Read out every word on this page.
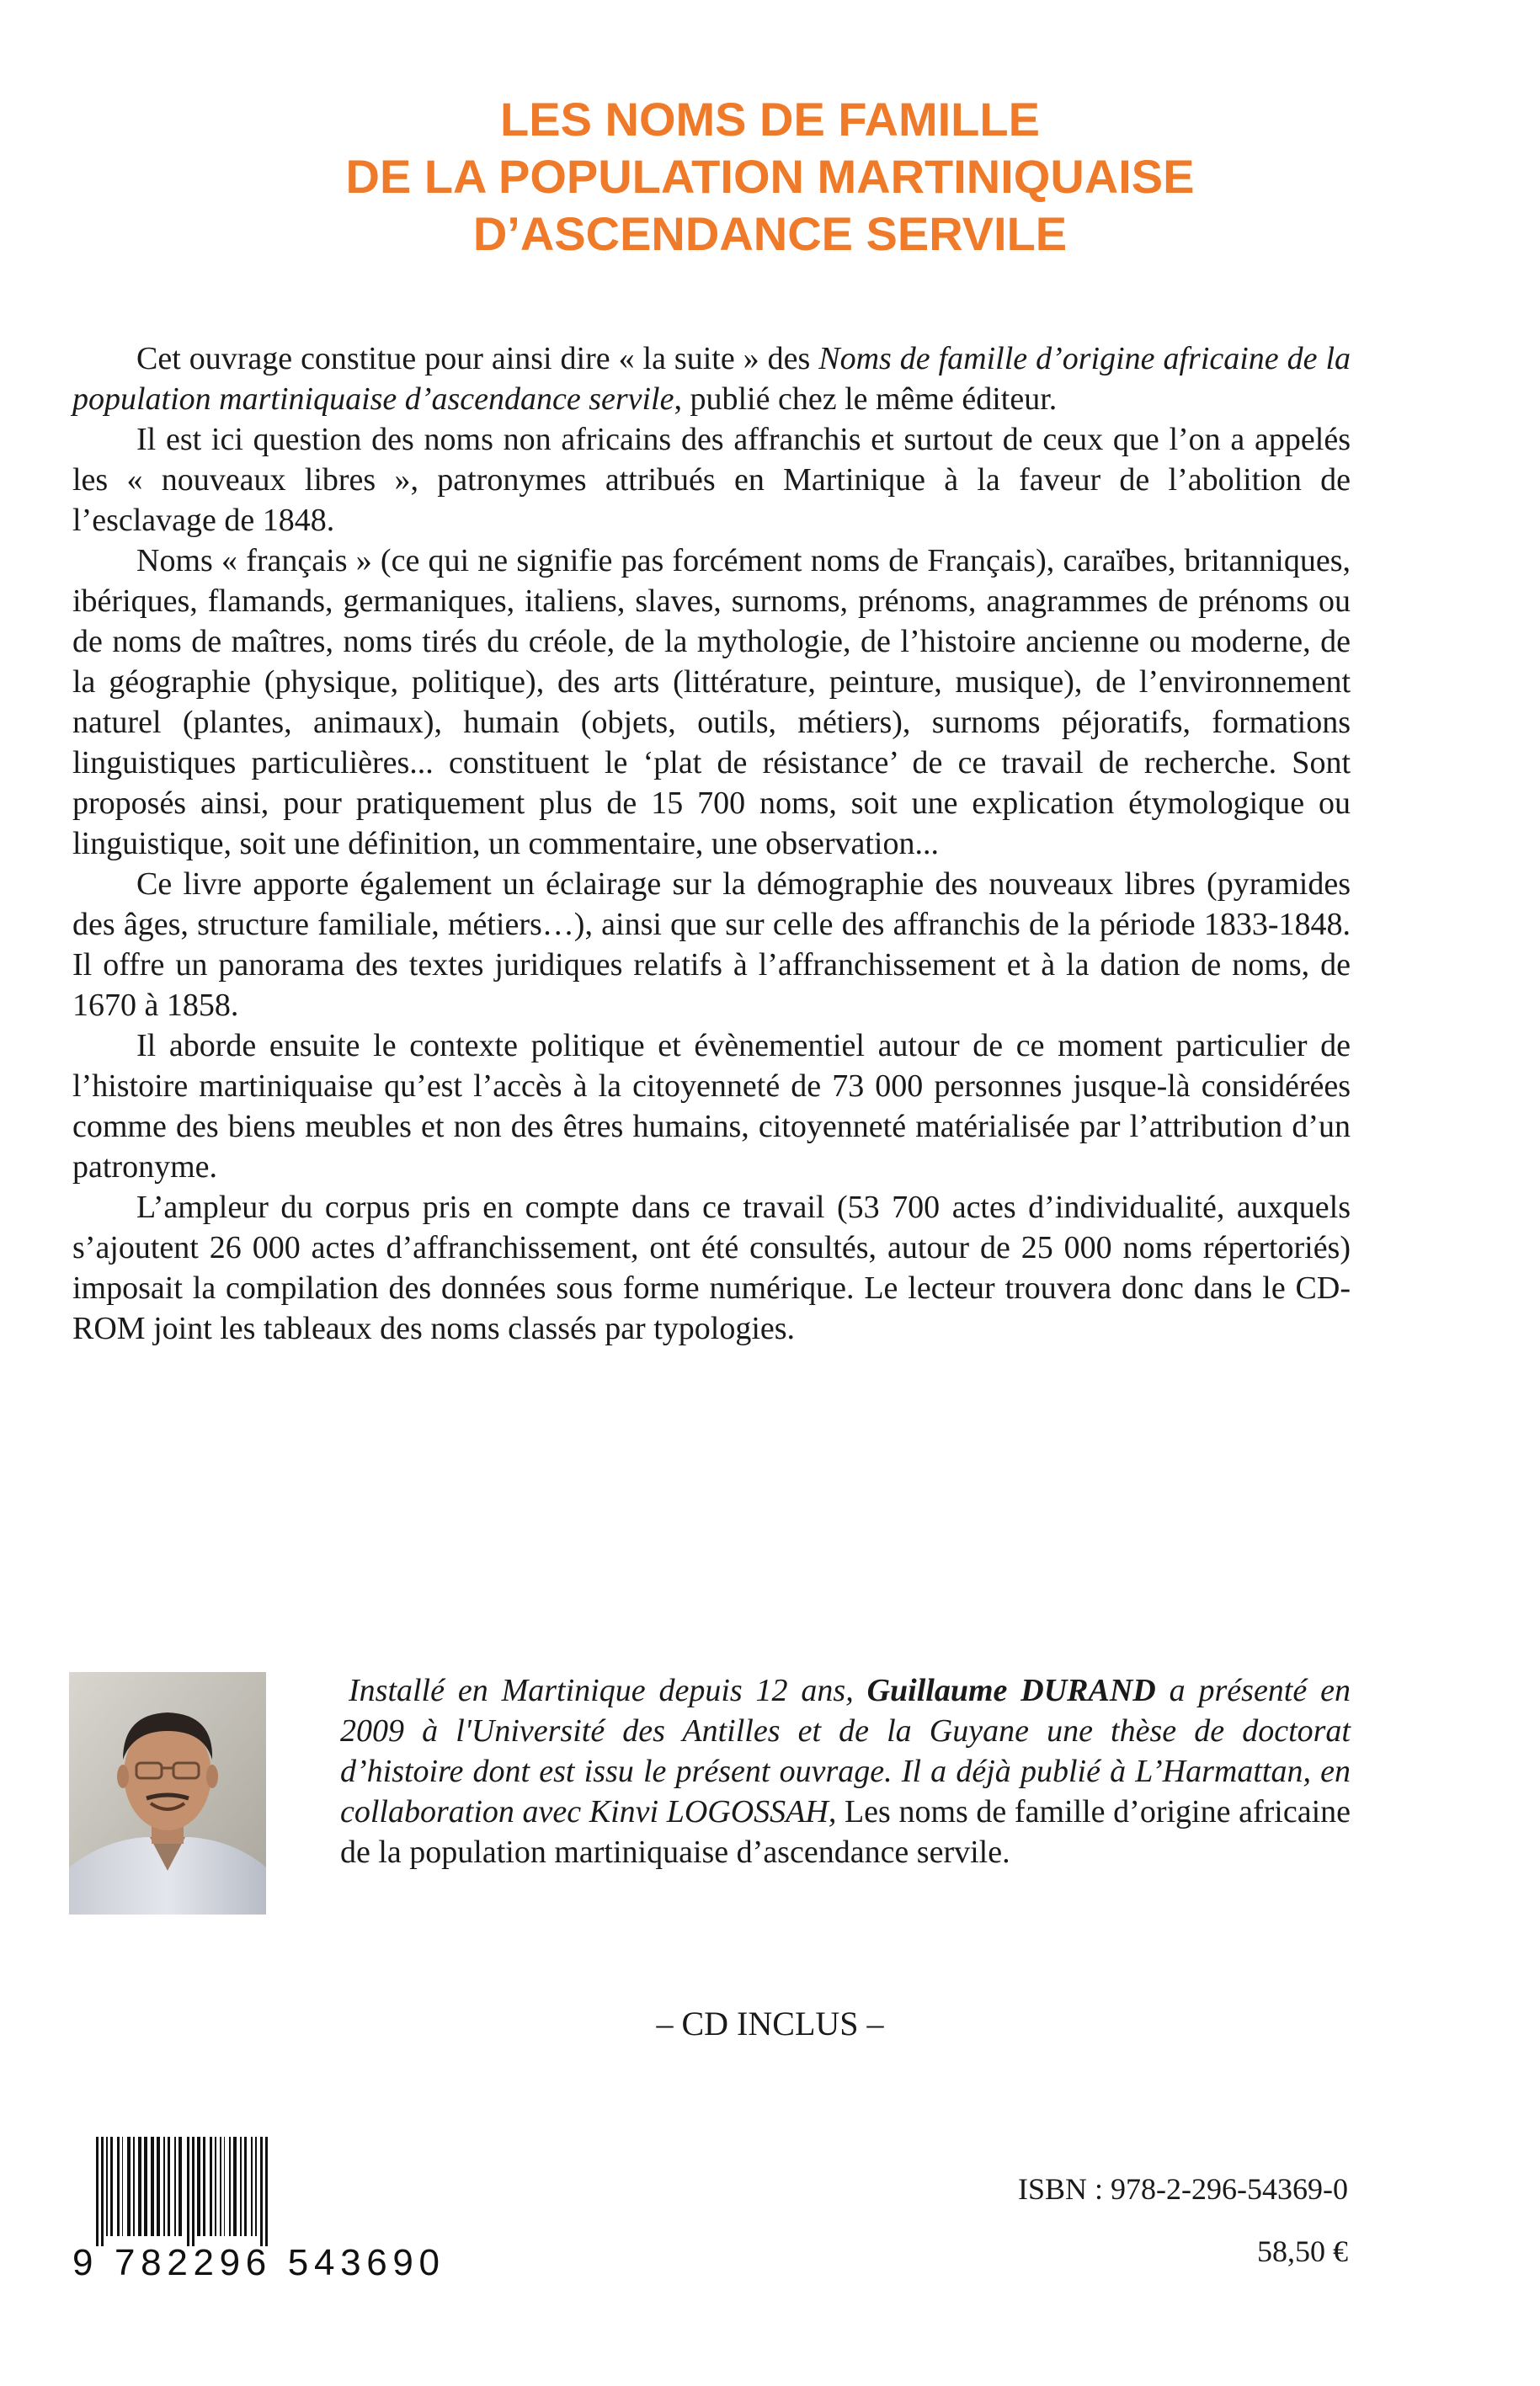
LES NOMS DE FAMILLE
DE LA POPULATION MARTINIQUAISE
D’ASCENDANCE SERVILE

Cet ouvrage constitue pour ainsi dire « la suite » des Noms de famille d’origine africaine de la population martiniquaise d’ascendance servile, publié chez le même éditeur.

Il est ici question des noms non africains des affranchis et surtout de ceux que l’on a appelés les « nouveaux libres », patronymes attribués en Martinique à la faveur de l’abolition de l’esclavage de 1848.

Noms « français » (ce qui ne signifie pas forcément noms de Français), caraïbes, britanniques, ibériques, flamands, germaniques, italiens, slaves, surnoms, prénoms, anagrammes de prénoms ou de noms de maîtres, noms tirés du créole, de la mythologie, de l’histoire ancienne ou moderne, de la géographie (physique, politique), des arts (littérature, peinture, musique), de l’environnement naturel (plantes, animaux), humain (objets, outils, métiers), surnoms péjoratifs, formations linguistiques particulières... constituent le ‘plat de résistance’ de ce travail de recherche. Sont proposés ainsi, pour pratiquement plus de 15 700 noms, soit une explication étymologique ou linguistique, soit une définition, un commentaire, une observation...

Ce livre apporte également un éclairage sur la démographie des nouveaux libres (pyramides des âges, structure familiale, métiers…), ainsi que sur celle des affranchis de la période 1833-1848. Il offre un panorama des textes juridiques relatifs à l’affranchissement et à la dation de noms, de 1670 à 1858.

Il aborde ensuite le contexte politique et évènementiel autour de ce moment particulier de l’histoire martiniquaise qu’est l’accès à la citoyenneté de 73 000 personnes jusque-là considérées comme des biens meubles et non des êtres humains, citoyenneté matérialisée par l’attribution d’un patronyme.

L’ampleur du corpus pris en compte dans ce travail (53 700 actes d’individualité, auxquels s’ajoutent 26 000 actes d’affranchissement, ont été consultés, autour de 25 000 noms répertoriés) imposait la compilation des données sous forme numérique. Le lecteur trouvera donc dans le CD-ROM joint les tableaux des noms classés par typologies.

Installé en Martinique depuis 12 ans, Guillaume DURAND a présenté en 2009 à l'Université des Antilles et de la Guyane une thèse de doctorat d’histoire dont est issu le présent ouvrage. Il a déjà publié à L’Harmattan, en collaboration avec Kinvi LOGOSSAH, Les noms de famille d’origine africaine de la population martiniquaise d’ascendance servile.
– CD INCLUS –
9 782296 543690
ISBN : 978-2-296-54369-0
58,50 €
